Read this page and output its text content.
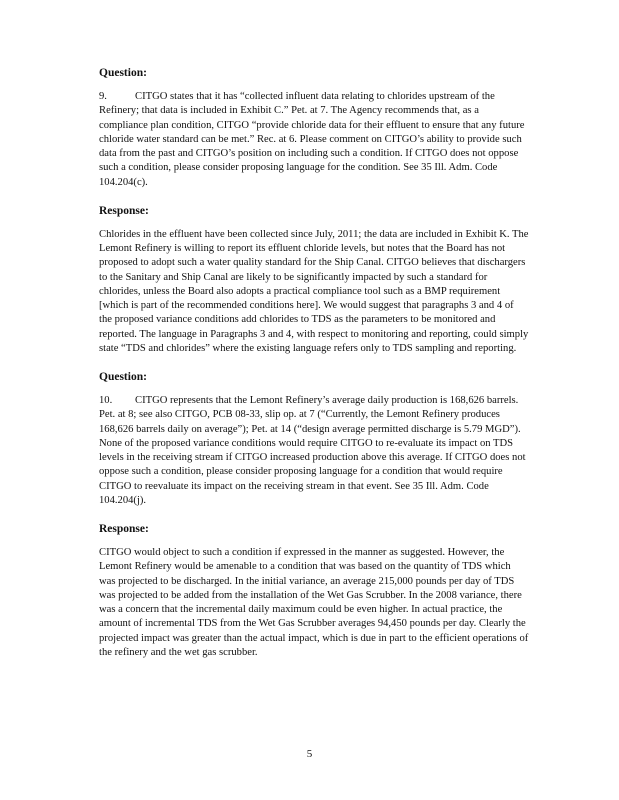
Question:

9.	CITGO states that it has “collected influent data relating to chlorides upstream of the Refinery; that data is included in Exhibit C.” Pet. at 7. The Agency recommends that, as a compliance plan condition, CITGO “provide chloride data for their effluent to ensure that any future chloride water standard can be met.” Rec. at 6. Please comment on CITGO’s ability to provide such data from the past and CITGO’s position on including such a condition. If CITGO does not oppose such a condition, please consider proposing language for the condition. See 35 Ill. Adm. Code 104.204(c).

Response:

Chlorides in the effluent have been collected since July, 2011; the data are included in Exhibit K. The Lemont Refinery is willing to report its effluent chloride levels, but notes that the Board has not proposed to adopt such a water quality standard for the Ship Canal. CITGO believes that dischargers to the Sanitary and Ship Canal are likely to be significantly impacted by such a standard for chlorides, unless the Board also adopts a practical compliance tool such as a BMP requirement [which is part of the recommended conditions here]. We would suggest that paragraphs 3 and 4 of the proposed variance conditions add chlorides to TDS as the parameters to be monitored and reported. The language in Paragraphs 3 and 4, with respect to monitoring and reporting, could simply state “TDS and chlorides” where the existing language refers only to TDS sampling and reporting.

Question:

10. CITGO represents that the Lemont Refinery’s average daily production is 168,626 barrels. Pet. at 8; see also CITGO, PCB 08-33, slip op. at 7 (“Currently, the Lemont Refinery produces 168,626 barrels daily on average”); Pet. at 14 (“design average permitted discharge is 5.79 MGD”). None of the proposed variance conditions would require CITGO to re-evaluate its impact on TDS levels in the receiving stream if CITGO increased production above this average. If CITGO does not oppose such a condition, please consider proposing language for a condition that would require CITGO to reevaluate its impact on the receiving stream in that event. See 35 Ill. Adm. Code 104.204(j).

Response:

CITGO would object to such a condition if expressed in the manner as suggested. However, the Lemont Refinery would be amenable to a condition that was based on the quantity of TDS which was projected to be discharged. In the initial variance, an average 215,000 pounds per day of TDS was projected to be added from the installation of the Wet Gas Scrubber. In the 2008 variance, there was a concern that the incremental daily maximum could be even higher. In actual practice, the amount of incremental TDS from the Wet Gas Scrubber averages 94,450 pounds per day. Clearly the projected impact was greater than the actual impact, which is due in part to the efficient operations of the refinery and the wet gas scrubber.

5
